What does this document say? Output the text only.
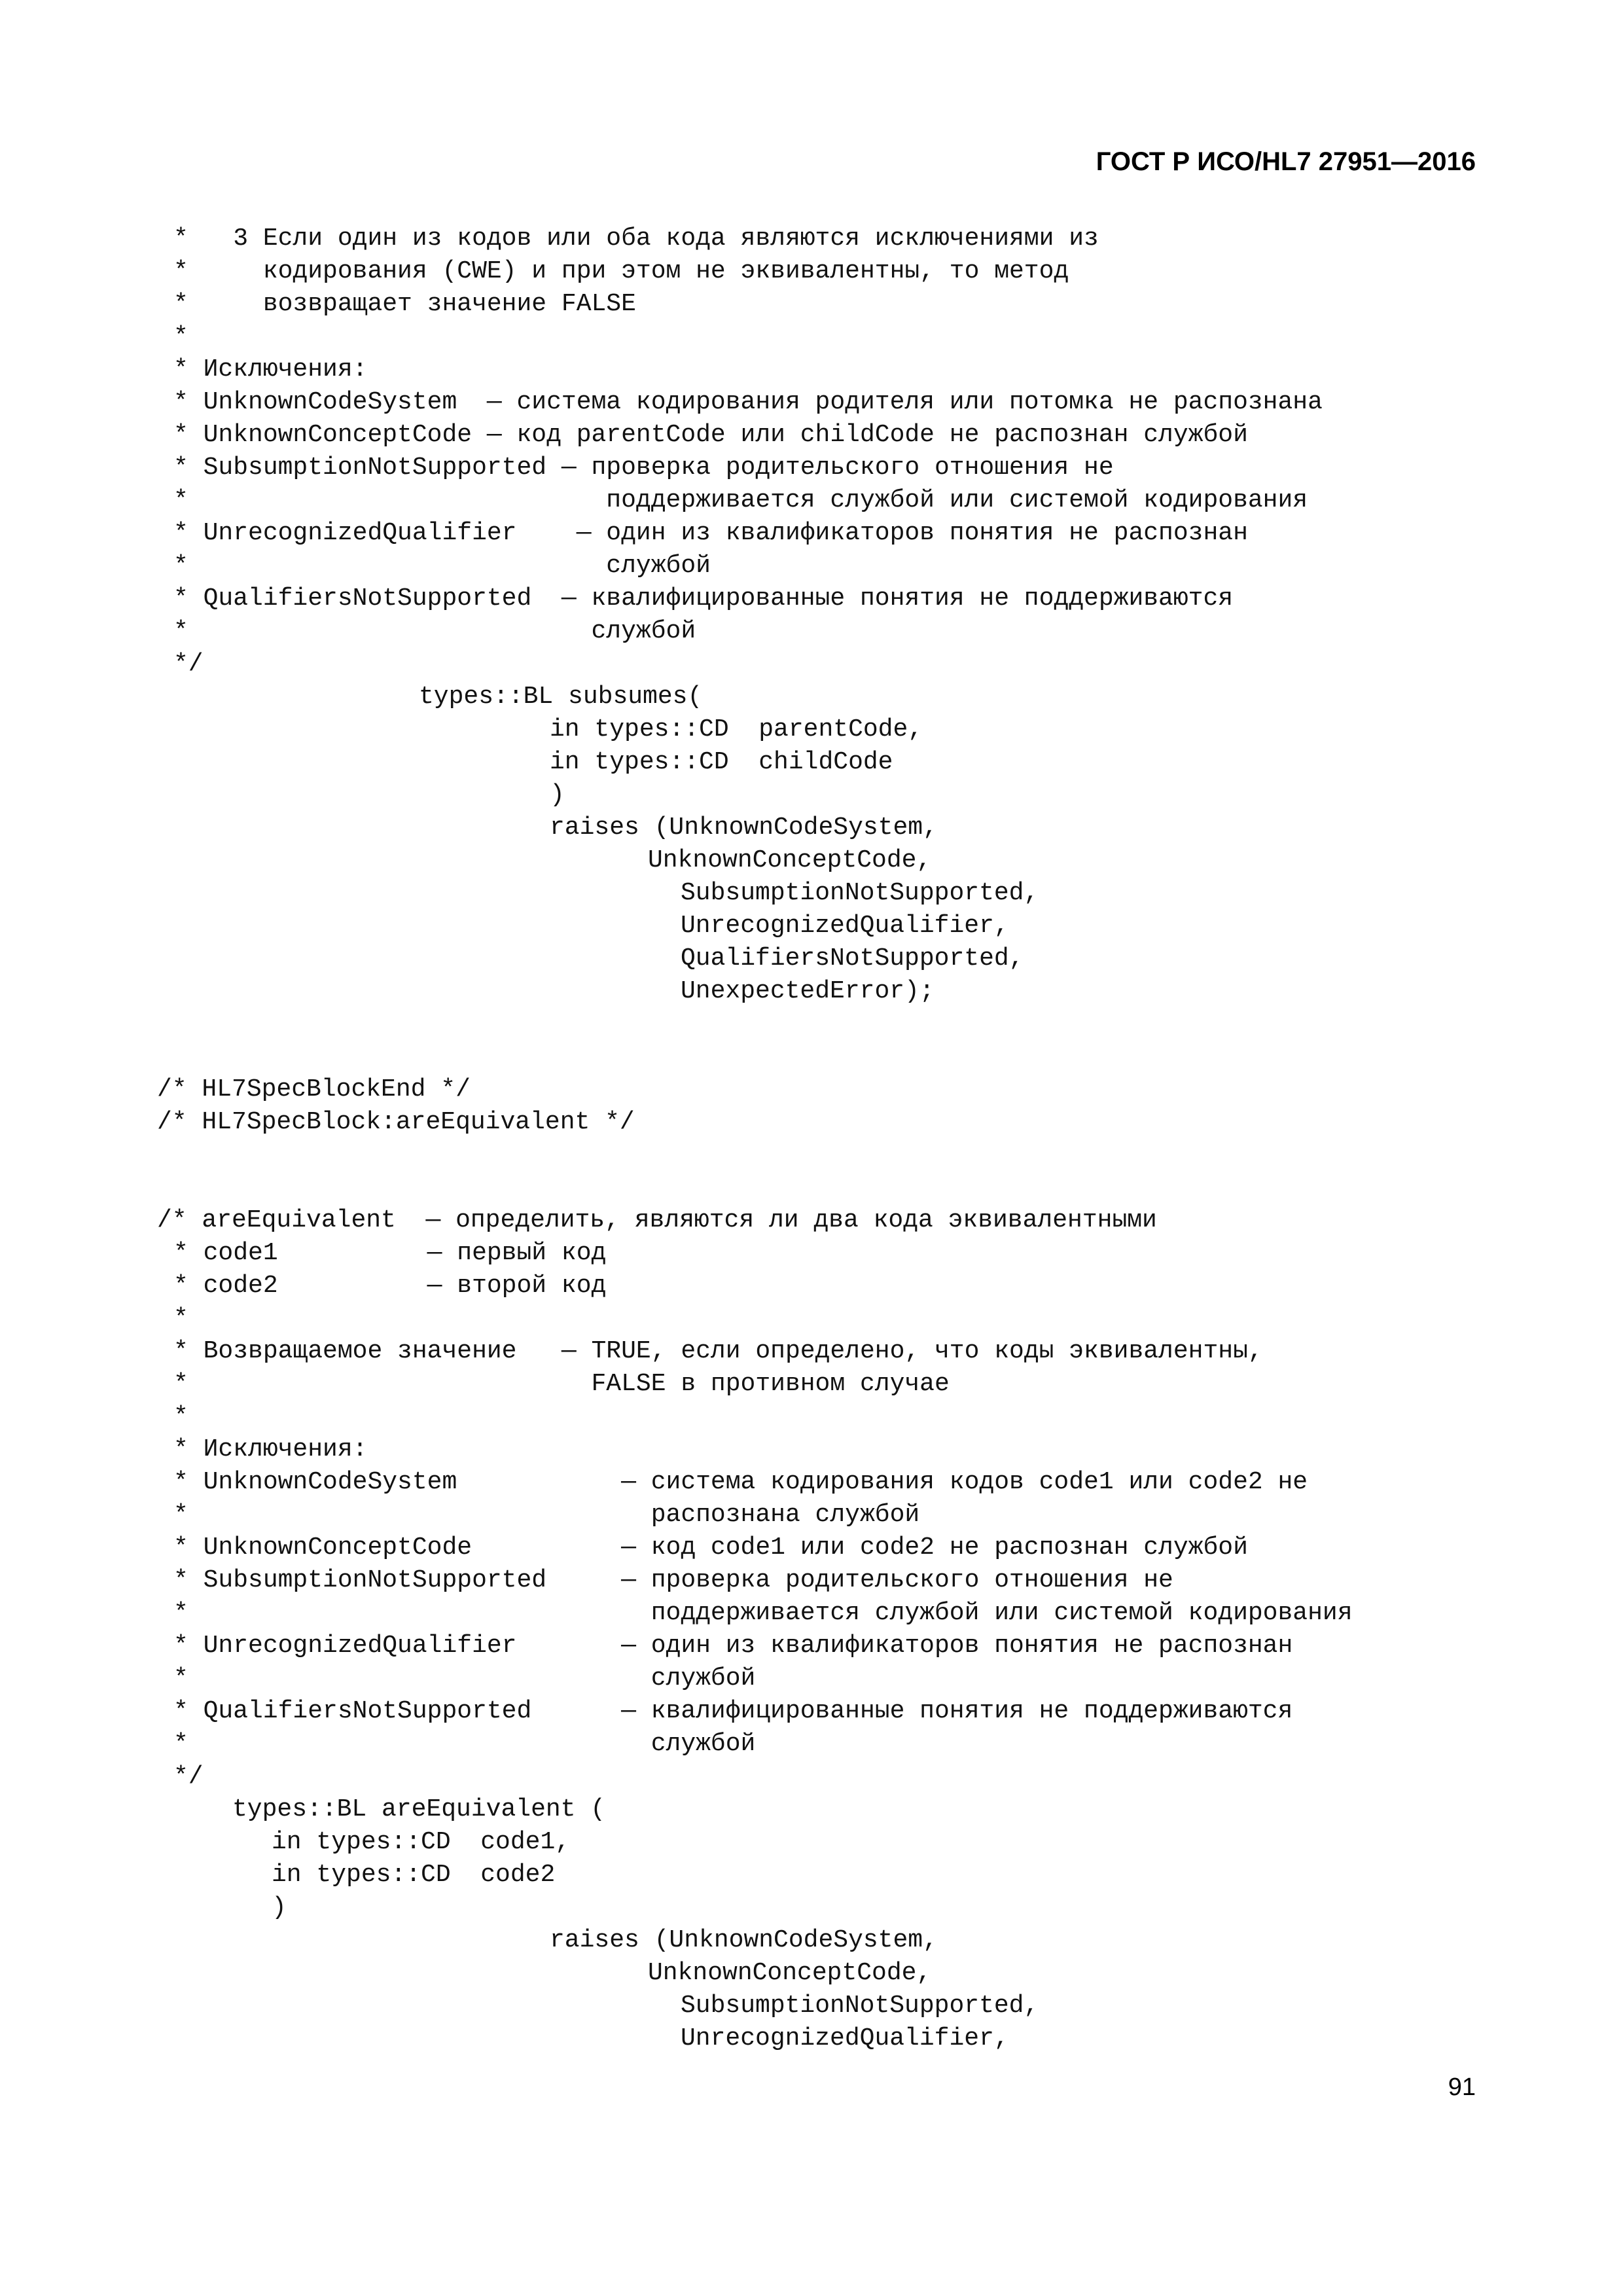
ГОСТ Р ИСО/HL7 27951—2016
*   3 Если один из кодов или оба кода являются исключениями из
*     кодирования (CWE) и при этом не эквивалентны, то метод
*     возвращает значение FALSE
*
* Исключения:
* UnknownCodeSystem  — система кодирования родителя или потомка не распознана
* UnknownConceptCode — код parentCode или childCode не распознан службой
* SubsumptionNotSupported — проверка родительского отношения не
*                            поддерживается службой или системой кодирования
* UnrecognizedQualifier    — один из квалификаторов понятия не распознан
*                            службой
* QualifiersNotSupported  — квалифицированные понятия не поддерживаются
*                           службой
*/
types::BL subsumes(
in types::CD  parentCode,
in types::CD  childCode
)
raises (UnknownCodeSystem,
UnknownConceptCode,
SubsumptionNotSupported,
UnrecognizedQualifier,
QualifiersNotSupported,
UnexpectedError);
/* HL7SpecBlockEnd */
/* HL7SpecBlock:areEquivalent */
/* areEquivalent  — определить, являются ли два кода эквивалентными
* code1          — первый код
* code2          — второй код
*
* Возвращаемое значение   — TRUE, если определено, что коды эквивалентны,
*                           FALSE в противном случае
*
* Исключения:
* UnknownCodeSystem           — система кодирования кодов code1 или code2 не
*                               распознана службой
* UnknownConceptCode          — код code1 или code2 не распознан службой
* SubsumptionNotSupported     — проверка родительского отношения не
*                               поддерживается службой или системой кодирования
* UnrecognizedQualifier       — один из квалификаторов понятия не распознан
*                               службой
* QualifiersNotSupported      — квалифицированные понятия не поддерживаются
*                               службой
*/
types::BL areEquivalent (
in types::CD  code1,
in types::CD  code2
)
raises (UnknownCodeSystem,
UnknownConceptCode,
SubsumptionNotSupported,
UnrecognizedQualifier,
91
